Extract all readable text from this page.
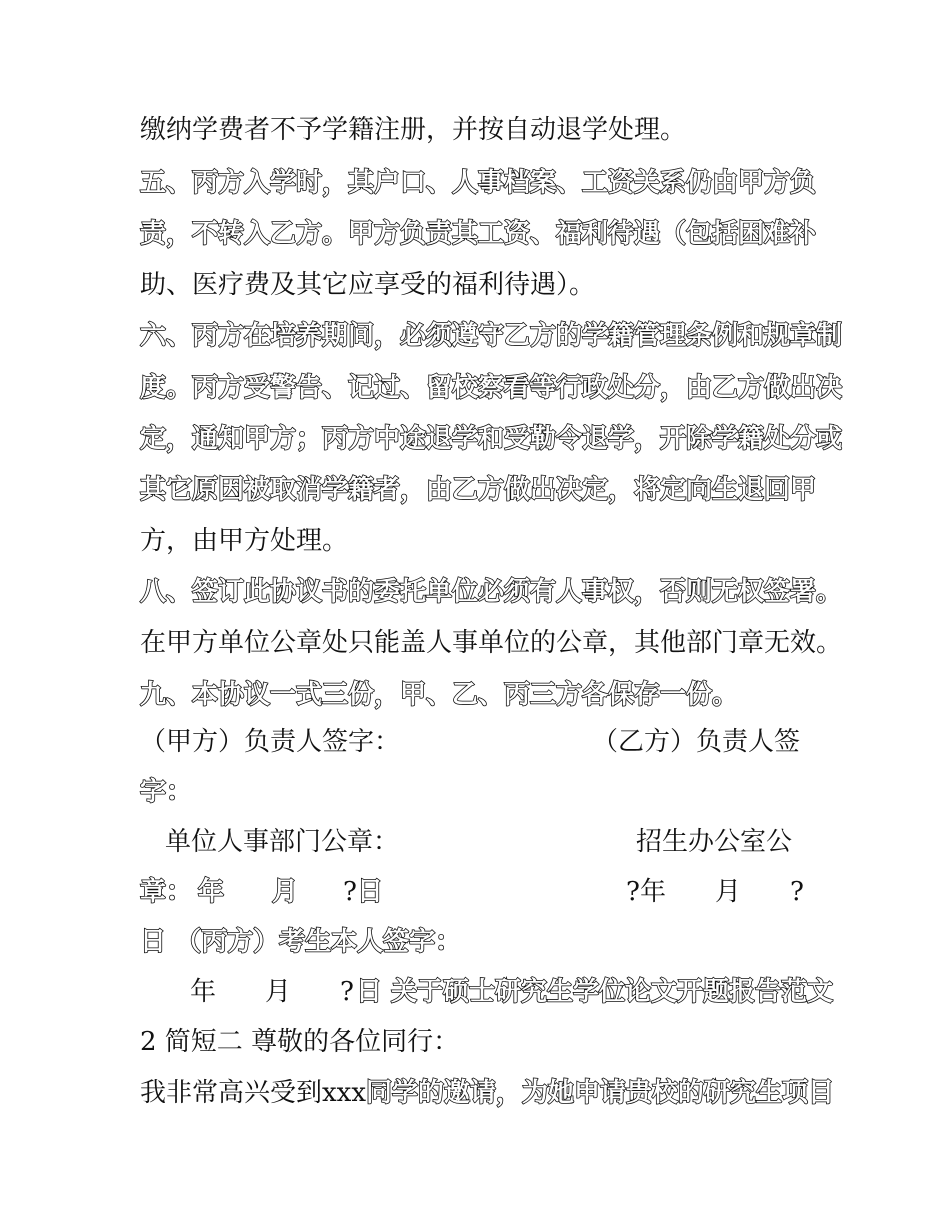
缴纳学费者不予学籍注册，并按自动退学处理。
五、丙方入学时，其户口、人事档案、工资关系仍由甲方负
责，不转入乙方。甲方负责其工资、福利待遇（包括困难补
助、医疗费及其它应享受的福利待遇）。
六、丙方在培养期间，必须遵守乙方的学籍管理条例和规章制
度。丙方受警告、记过、留校察看等行政处分，由乙方做出决
定，通知甲方；丙方中途退学和受勒令退学，开除学籍处分或
其它原因被取消学籍者，由乙方做出决定，将定向生退回甲
方，由甲方处理。
八、签订此协议书的委托单位必须有人事权，否则无权签署。
在甲方单位公章处只能盖人事单位的公章，其他部门章无效。
九、本协议一式三份，甲、乙、丙三方各保存一份。
（甲方）负责人签字：	（乙方）负责人签
字：
单位人事部门公章：	招生办公室公
章： 年 月 ? 日	?年 月 ?
日 （丙方）考生本人签字：
年 月 ? 日 关于硕士研究生学位论文开题报告范文
2 简短二 尊敬的各位同行：
我非常高兴受到xxx同学的邀请，为她申请贵校的研究生项目
